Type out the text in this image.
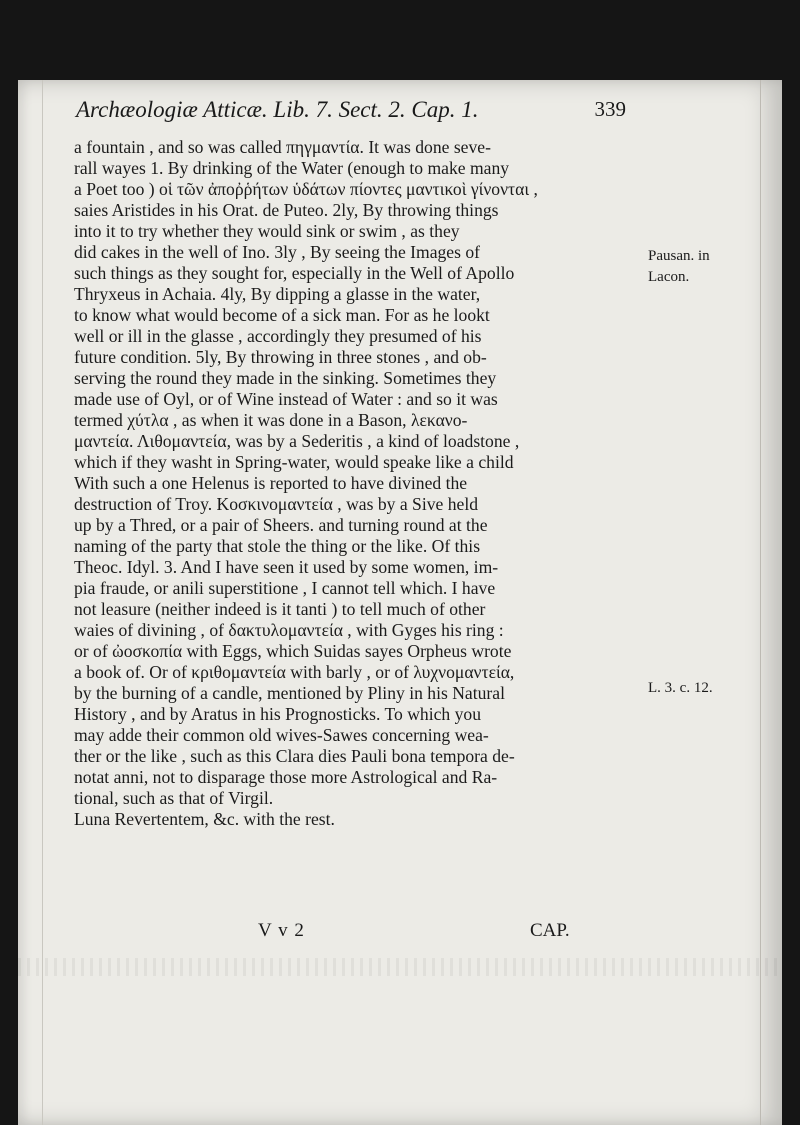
Archæologiæ Atticæ. Lib. 7. Sect. 2. Cap. 1.	339
a fountain , and so was called πηγμαντία. It was done seve-
rall wayes 1. By drinking of the Water (enough to make many
a Poet too ) οἱ τῶν ἀποῤῥήτων ὑδάτων πίοντες μαντικοὶ γίνονται ,
saies Aristides in his Orat. de Puteo. 2ly, By throwing things
into it to try whether they would sink or swim , as they
did cakes in the well of Ino. 3ly , By seeing the Images of
such things as they sought for, especially in the Well of Apollo
Thryxeus in Achaia. 4ly, By dipping a glasse in the water,
to know what would become of a sick man. For as he lookt
well or ill in the glasse , accordingly they presumed of his
future condition. 5ly, By throwing in three stones , and ob-
serving the round they made in the sinking. Sometimes they
made use of Oyl, or of Wine instead of Water : and so it was
termed χύτλα , as when it was done in a Bason, λεκανο-
μαντεία. Λιθομαντεία, was by a Sederitis , a kind of loadstone ,
which if they washt in Spring-water, would speake like a child
With such a one Helenus is reported to have divined the
destruction of Troy. Κοσκινομαντεία , was by a Sive held
up by a Thred, or a pair of Sheers. and turning round at the
naming of the party that stole the thing or the like. Of this
Theoc. Idyl. 3. And I have seen it used by some women, im-
pia fraude, or anili superstitione , I cannot tell which. I have
not leasure (neither indeed is it tanti ) to tell much of other
waies of divining , of δακτυλομαντεία , with Gyges his ring :
or of ὠοσκοπία with Eggs, which Suidas sayes Orpheus wrote
a book of. Or of κριθομαντεία with barly , or of λυχνομαντεία,
by the burning of a candle, mentioned by Pliny in his Natural
History , and by Aratus in his Prognosticks. To which you
may adde their common old wives-Sawes concerning wea-
ther or the like , such as this Clara dies Pauli bona tempora de-
notat anni, not to disparage those more Astrological and Ra-
tional, such as that of Virgil.
Luna Revertentem, &c. with the rest.
Pausan. in
Lacon.
L. 3. c. 12.
V v 2	CAP.
